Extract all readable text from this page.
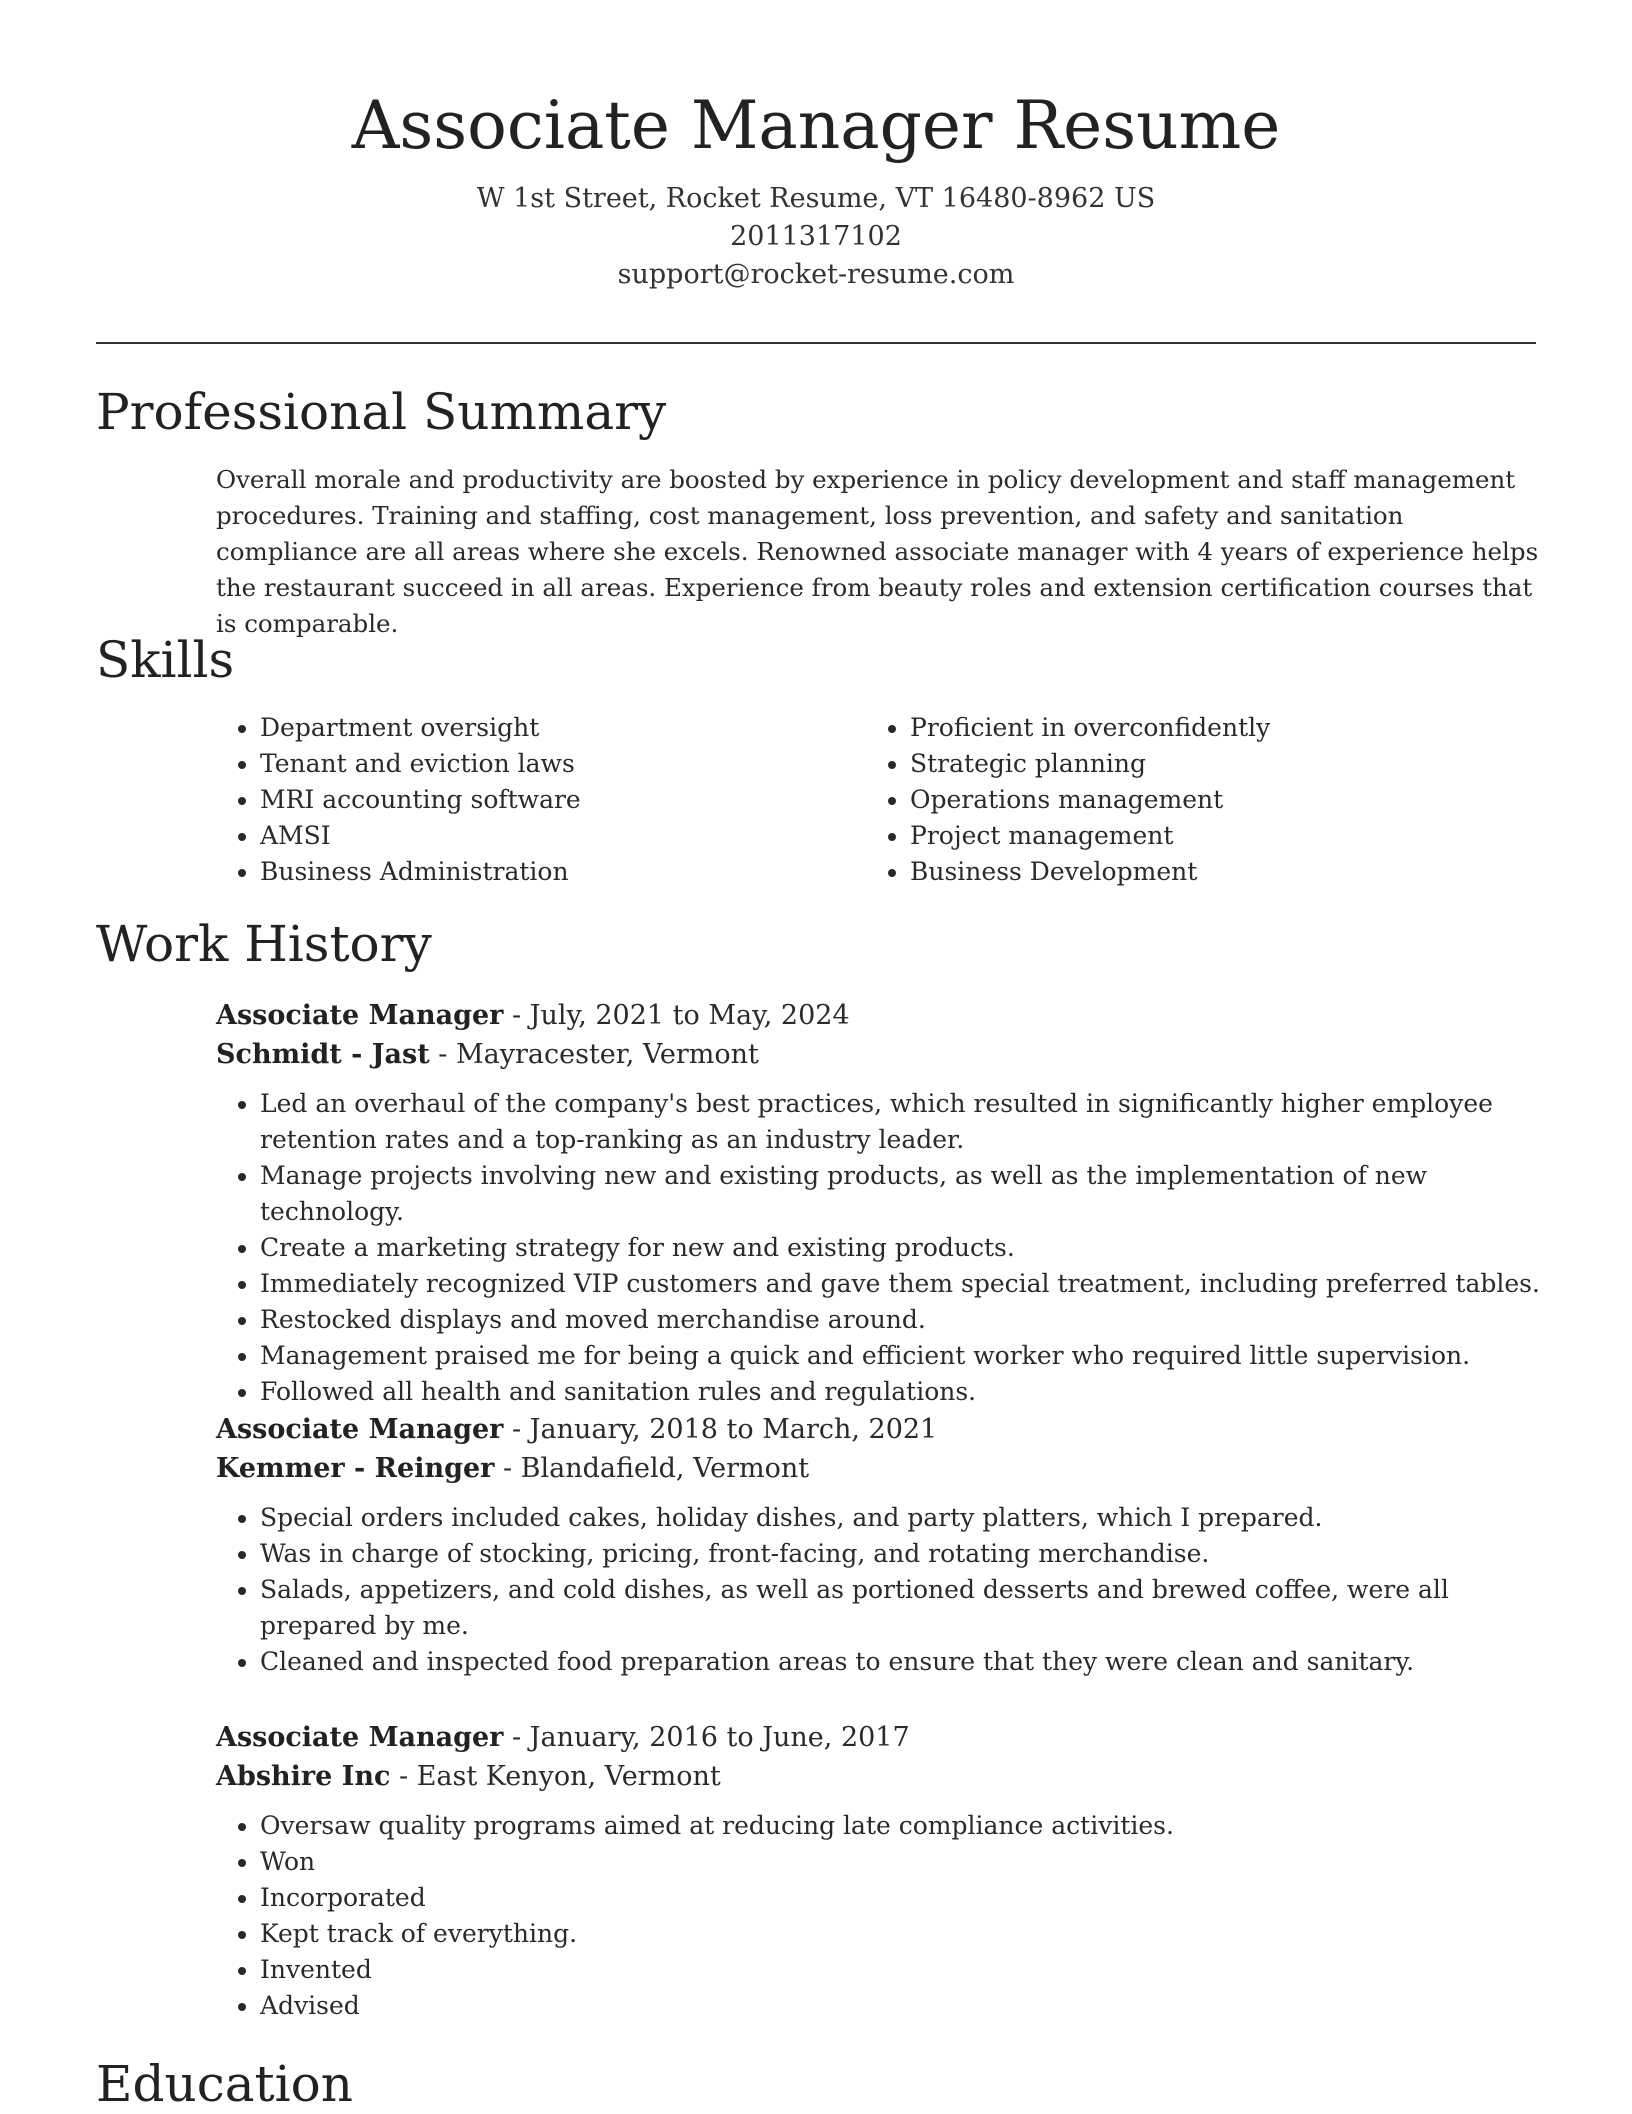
Associate Manager Resume
W 1st Street, Rocket Resume, VT 16480-8962 US
2011317102
support@rocket-resume.com
Professional Summary

Overall morale and productivity are boosted by experience in policy development and staff management procedures. Training and staffing, cost management, loss prevention, and safety and sanitation compliance are all areas where she excels. Renowned associate manager with 4 years of experience helps the restaurant succeed in all areas. Experience from beauty roles and extension certification courses that is comparable.

Skills
• Department oversight
• Tenant and eviction laws
• MRI accounting software
• AMSI
• Business Administration
• Proficient in overconfidently
• Strategic planning
• Operations management
• Project management
• Business Development
Work History

Associate Manager - July, 2021 to May, 2024

Schmidt - Jast - Mayracester, Vermont

• Led an overhaul of the company's best practices, which resulted in significantly higher employee retention rates and a top-ranking as an industry leader.
• Manage projects involving new and existing products, as well as the implementation of new technology.
• Create a marketing strategy for new and existing products.
• Immediately recognized VIP customers and gave them special treatment, including preferred tables.
• Restocked displays and moved merchandise around.
• Management praised me for being a quick and efficient worker who required little supervision.
• Followed all health and sanitation rules and regulations.

Associate Manager - January, 2018 to March, 2021

Kemmer - Reinger - Blandafield, Vermont

• Special orders included cakes, holiday dishes, and party platters, which I prepared.
• Was in charge of stocking, pricing, front-facing, and rotating merchandise.
• Salads, appetizers, and cold dishes, as well as portioned desserts and brewed coffee, were all prepared by me.
• Cleaned and inspected food preparation areas to ensure that they were clean and sanitary.

Associate Manager - January, 2016 to June, 2017

Abshire Inc - East Kenyon, Vermont

• Oversaw quality programs aimed at reducing late compliance activities.
• Won
• Incorporated
• Kept track of everything.
• Invented
• Advised
Education
